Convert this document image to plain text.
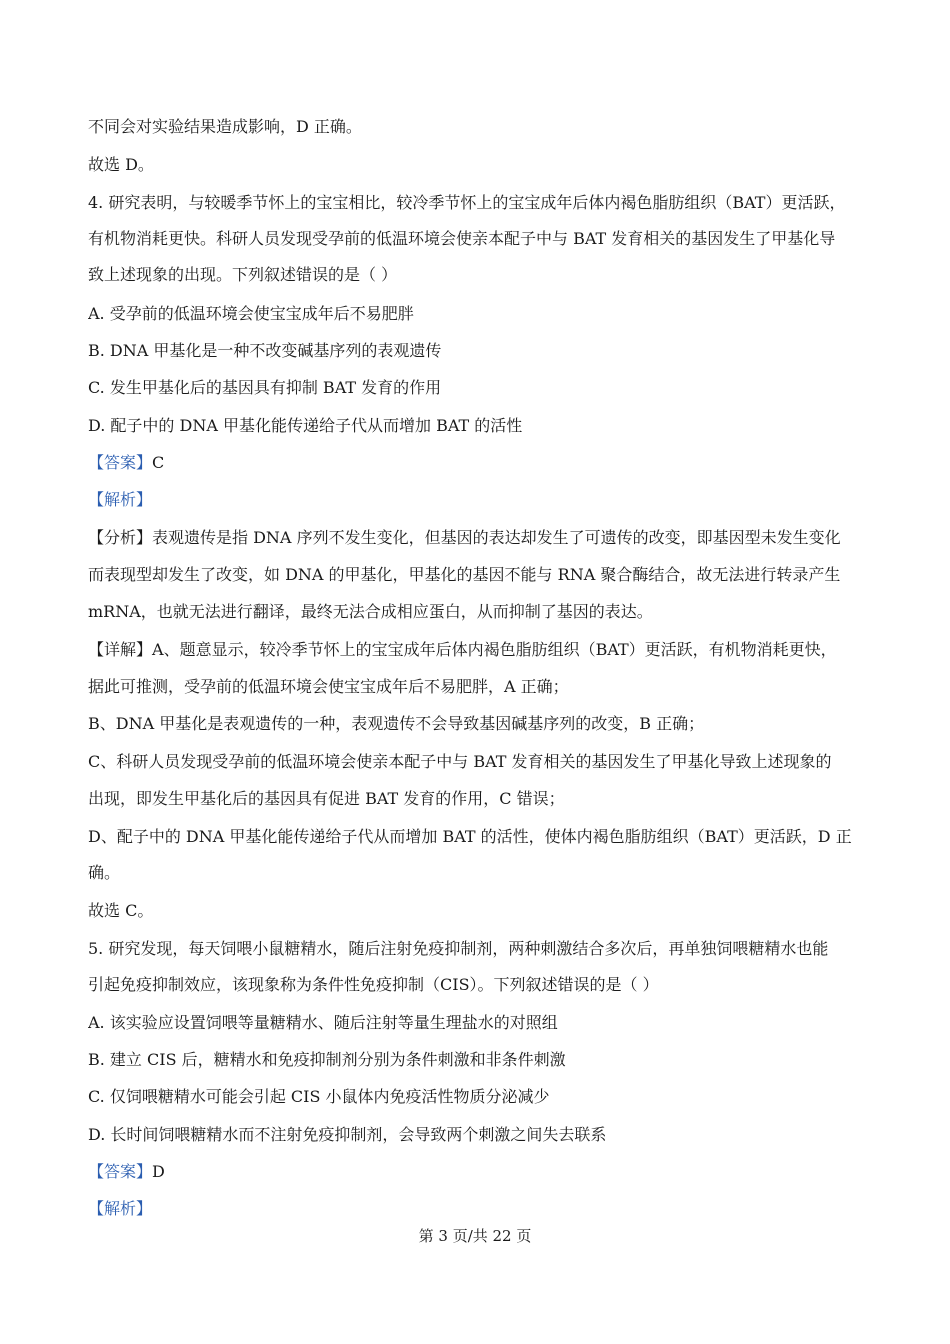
不同会对实验结果造成影响，D 正确。
故选 D。
4. 研究表明，与较暖季节怀上的宝宝相比，较冷季节怀上的宝宝成年后体内褐色脂肪组织（BAT）更活跃，
有机物消耗更快。科研人员发现受孕前的低温环境会使亲本配子中与 BAT 发育相关的基因发生了甲基化导
致上述现象的出现。下列叙述错误的是（ ）
A. 受孕前的低温环境会使宝宝成年后不易肥胖
B. DNA 甲基化是一种不改变碱基序列的表观遗传
C. 发生甲基化后的基因具有抑制 BAT 发育的作用
D. 配子中的 DNA 甲基化能传递给子代从而增加 BAT 的活性
【答案】C
【解析】
【分析】表观遗传是指 DNA 序列不发生变化，但基因的表达却发生了可遗传的改变，即基因型未发生变化
而表现型却发生了改变，如 DNA 的甲基化，甲基化的基因不能与 RNA 聚合酶结合，故无法进行转录产生
mRNA，也就无法进行翻译，最终无法合成相应蛋白，从而抑制了基因的表达。
【详解】A、题意显示，较冷季节怀上的宝宝成年后体内褐色脂肪组织（BAT）更活跃，有机物消耗更快，
据此可推测，受孕前的低温环境会使宝宝成年后不易肥胖，A 正确；
B、DNA 甲基化是表观遗传的一种，表观遗传不会导致基因碱基序列的改变，B 正确；
C、科研人员发现受孕前的低温环境会使亲本配子中与 BAT 发育相关的基因发生了甲基化导致上述现象的
出现，即发生甲基化后的基因具有促进 BAT 发育的作用，C 错误；
D、配子中的 DNA 甲基化能传递给子代从而增加 BAT 的活性，使体内褐色脂肪组织（BAT）更活跃，D 正
确。
故选 C。
5. 研究发现，每天饲喂小鼠糖精水，随后注射免疫抑制剂，两种刺激结合多次后，再单独饲喂糖精水也能
引起免疫抑制效应，该现象称为条件性免疫抑制（CIS）。下列叙述错误的是（ ）
A. 该实验应设置饲喂等量糖精水、随后注射等量生理盐水的对照组
B. 建立 CIS 后，糖精水和免疫抑制剂分别为条件刺激和非条件刺激
C. 仅饲喂糖精水可能会引起 CIS 小鼠体内免疫活性物质分泌减少
D. 长时间饲喂糖精水而不注射免疫抑制剂，会导致两个刺激之间失去联系
【答案】D
【解析】
第 3 页/共 22 页
